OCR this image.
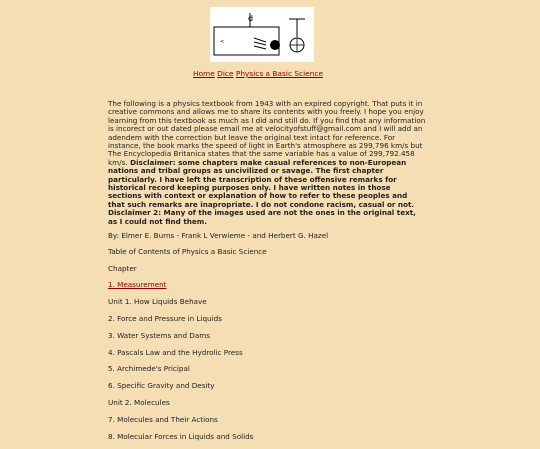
d
<
Home Dice Physics a Basic Science

The following is a physics textbook from 1943 with an expired copyright. That puts it in creative commons and allows me to share its contents with you freely. I hope you enjoy learning from this textbook as much as I did and still do. If you find that any information is incorect or out dated please email me at velocityofstuff@gmail.com and I will add an adendem with the correction but leave the original text intact for reference. For instance, the book marks the speed of light in Earth's atmosphere as 299,796 km/s but The Encyclopedia Britanica states that the same variable has a value of 299,792.458 km/s. Disclaimer: some chapters make casual references to non-European nations and tribal groups as uncivilized or savage. The first chapter particularly. I have left the transcription of these offensive remarks for historical record keeping purposes only. I have written notes in those sections with context or explanation of how to refer to these peoples and that such remarks are inapropriate. I do not condone racism, casual or not. Disclaimer 2: Many of the images used are not the ones in the original text, as I could not find them.

By: Elmer E. Burns - Frank L Verwieme - and Herbert G. Hazel

Table of Contents of Physics a Basic Science

Chapter

1. Measurement

Unit 1. How Liquids Behave

2. Force and Pressure in Liquids

3. Water Systems and Dams

4. Pascals Law and the Hydrolic Press

5. Archimede's Pricipal

6. Specific Gravity and Desity

Unit 2. Molecules

7. Molecules and Their Actions

8. Molecular Forces in Liquids and Solids
